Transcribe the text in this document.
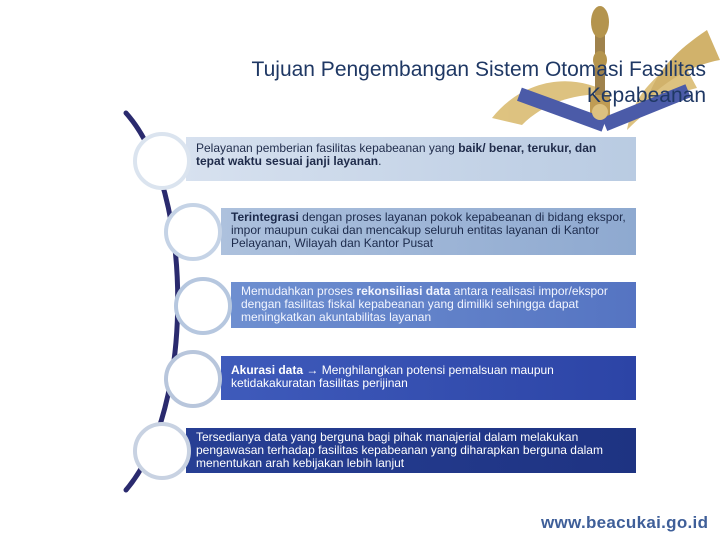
Tujuan Pengembangan Sistem Otomasi Fasilitas
Kepabeanan
Pelayanan pemberian fasilitas kepabeanan yang baik/ benar, terukur, dan tepat waktu sesuai janji layanan.
Terintegrasi dengan proses layanan pokok kepabeanan di bidang ekspor, impor maupun cukai dan mencakup seluruh entitas layanan di Kantor Pelayanan, Wilayah dan Kantor Pusat
Memudahkan proses rekonsiliasi data antara realisasi impor/ekspor dengan fasilitas fiskal kepabeanan yang dimiliki sehingga dapat meningkatkan akuntabilitas layanan
Akurasi data → Menghilangkan potensi pemalsuan maupun ketidakakuratan fasilitas perijinan
Tersedianya data yang berguna bagi pihak manajerial dalam melakukan pengawasan terhadap fasilitas kepabeanan yang diharapkan berguna dalam menentukan arah kebijakan lebih lanjut

www.beacukai.go.id
